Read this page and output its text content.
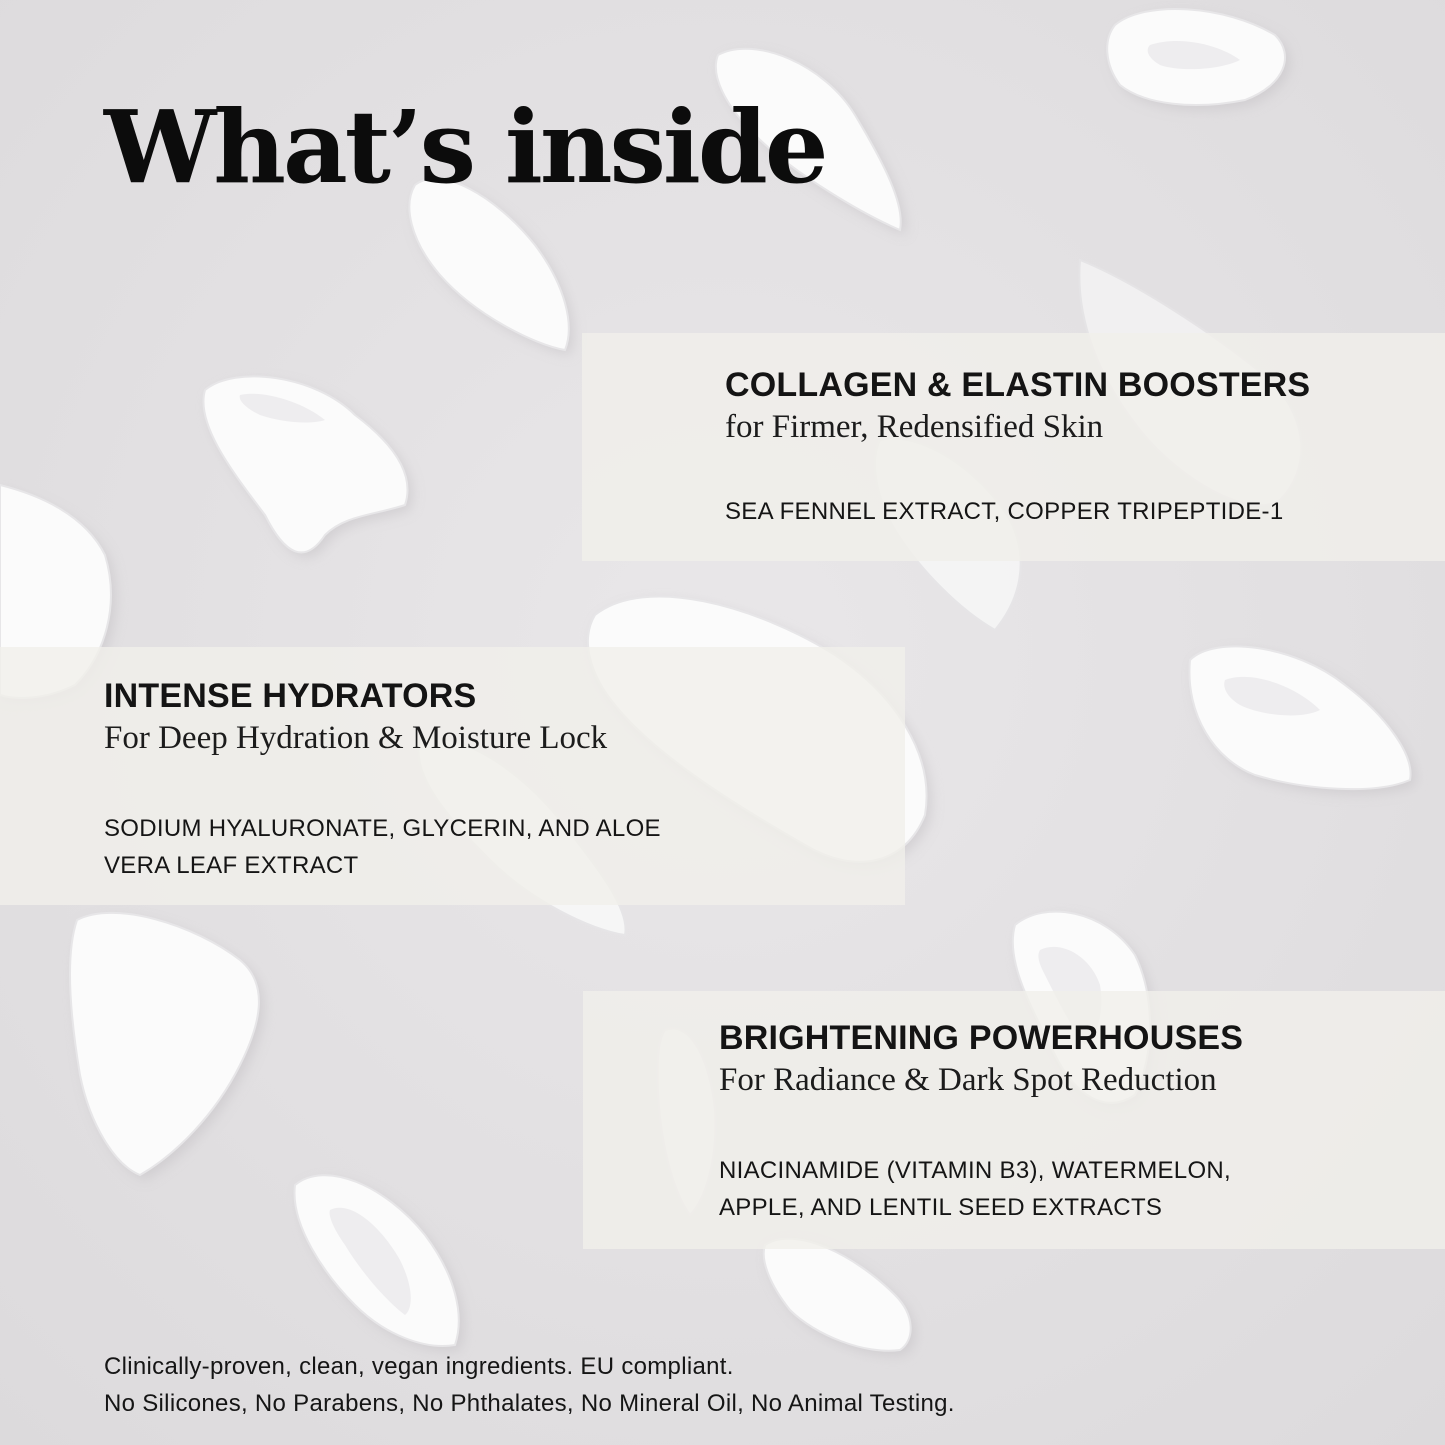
What’s inside
COLLAGEN & ELASTIN BOOSTERS

for Firmer, Redensified Skin

SEA FENNEL EXTRACT, COPPER TRIPEPTIDE-1

INTENSE HYDRATORS

For Deep Hydration & Moisture Lock

SODIUM HYALURONATE, GLYCERIN, AND ALOE
VERA LEAF EXTRACT

BRIGHTENING POWERHOUSES

For Radiance & Dark Spot Reduction

NIACINAMIDE (VITAMIN B3), WATERMELON,
APPLE, AND LENTIL SEED EXTRACTS

Clinically-proven, clean, vegan ingredients. EU compliant.
No Silicones, No Parabens, No Phthalates, No Mineral Oil, No Animal Testing.
